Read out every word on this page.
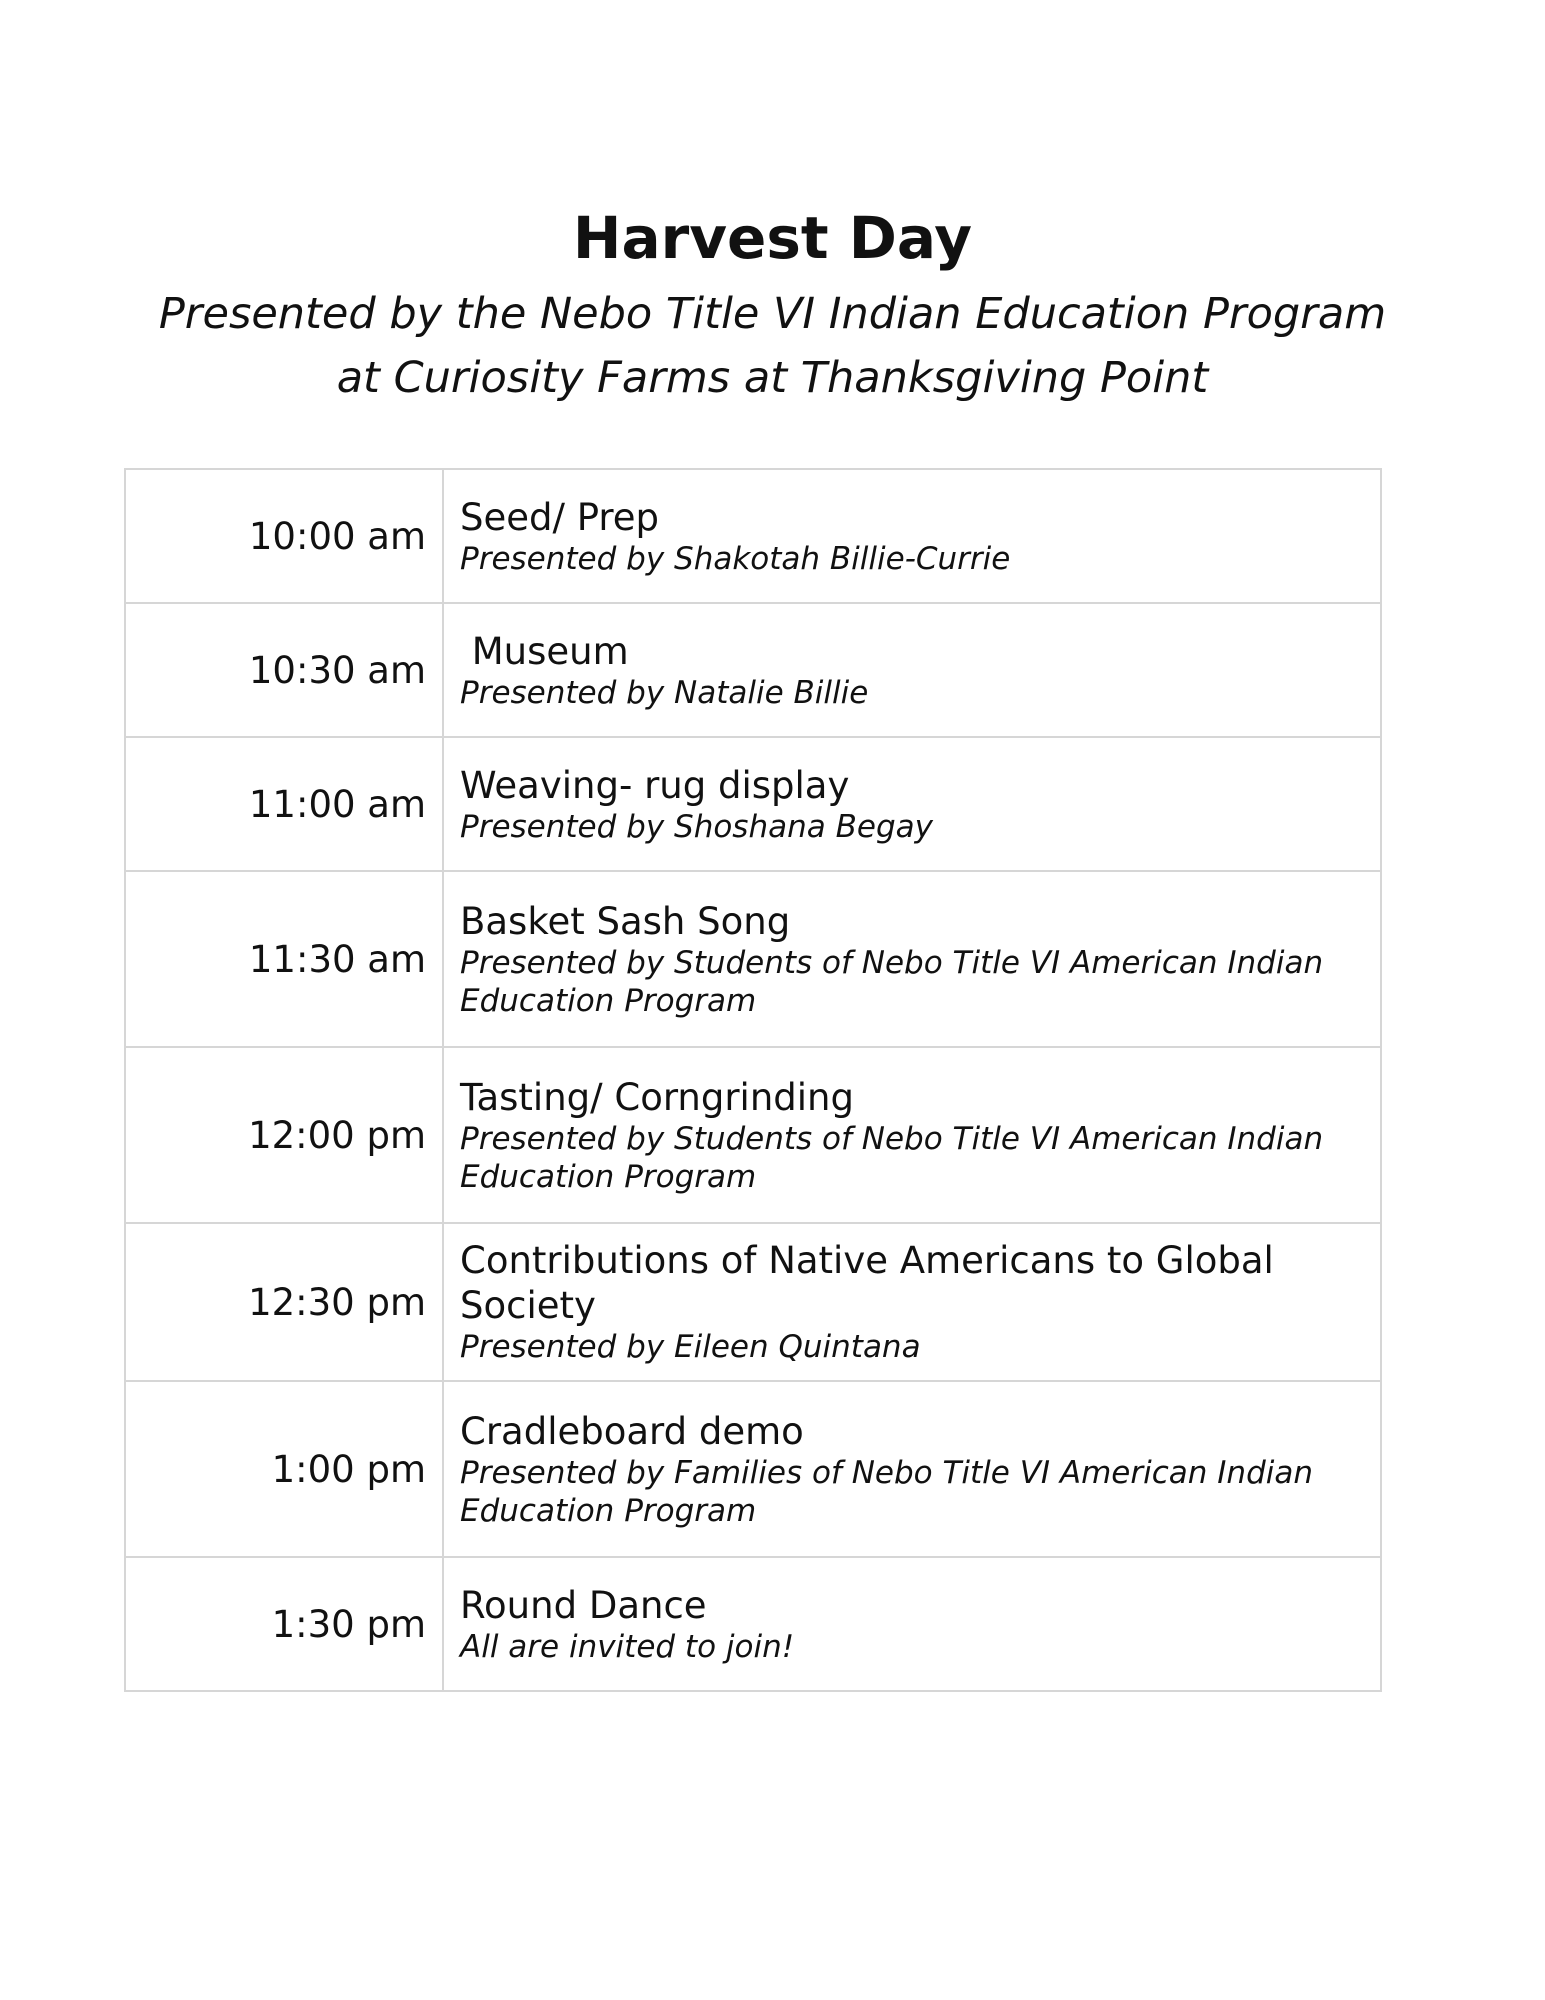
Harvest Day
Presented by the Nebo Title VI Indian Education Program
at Curiosity Farms at Thanksgiving Point
10:00 am	Seed/ Prep
Presented by Shakotah Billie-Currie

10:30 am	Museum
Presented by Natalie Billie

11:00 am	Weaving- rug display
Presented by Shoshana Begay

11:30 am	Basket Sash Song
Presented by Students of Nebo Title VI American Indian Education Program

12:00 pm	Tasting/ Corngrinding
Presented by Students of Nebo Title VI American Indian Education Program

12:30 pm	Contributions of Native Americans to Global Society
Presented by Eileen Quintana

1:00 pm	Cradleboard demo
Presented by Families of Nebo Title VI American Indian Education Program

1:30 pm	Round Dance
All are invited to join!
